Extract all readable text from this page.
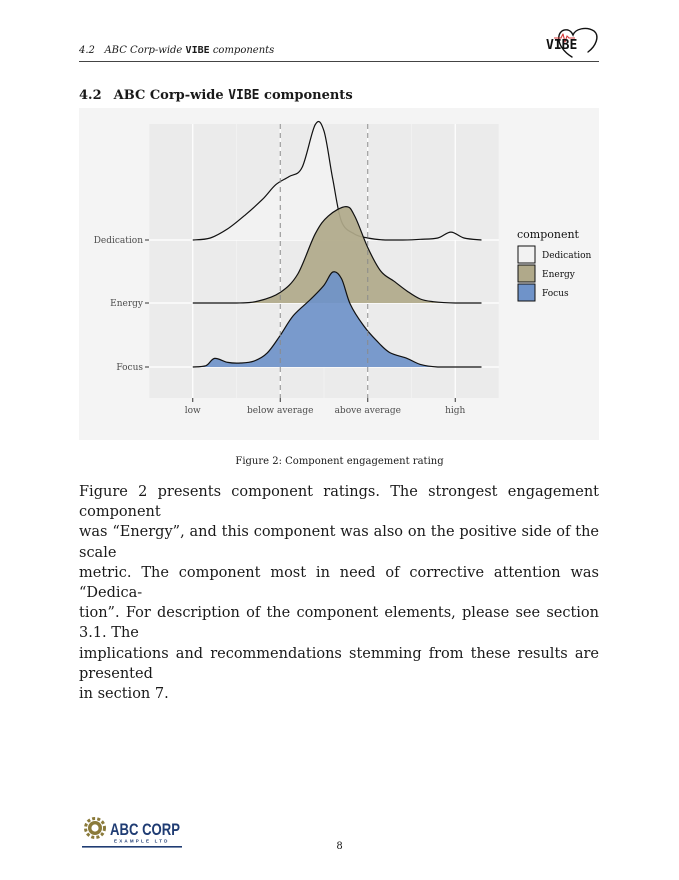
4.2 ABC Corp-wide VIBE components	VIBE
4.2 ABC Corp-wide VIBE components
Dedication
Energy
Focus
low	below average above average	high
component
Dedication
Energy
Focus
Figure 2: Component engagement rating
Figure 2 presents component ratings. The strongest engagement component
was “Energy”, and this component was also on the positive side of the scale
metric. The component most in need of corrective attention was “Dedica-
tion”. For description of the component elements, please see section 3.1. The
implications and recommendations stemming from these results are presented
in section 7.
ABC CORP
EXAMPLE LTD	8
